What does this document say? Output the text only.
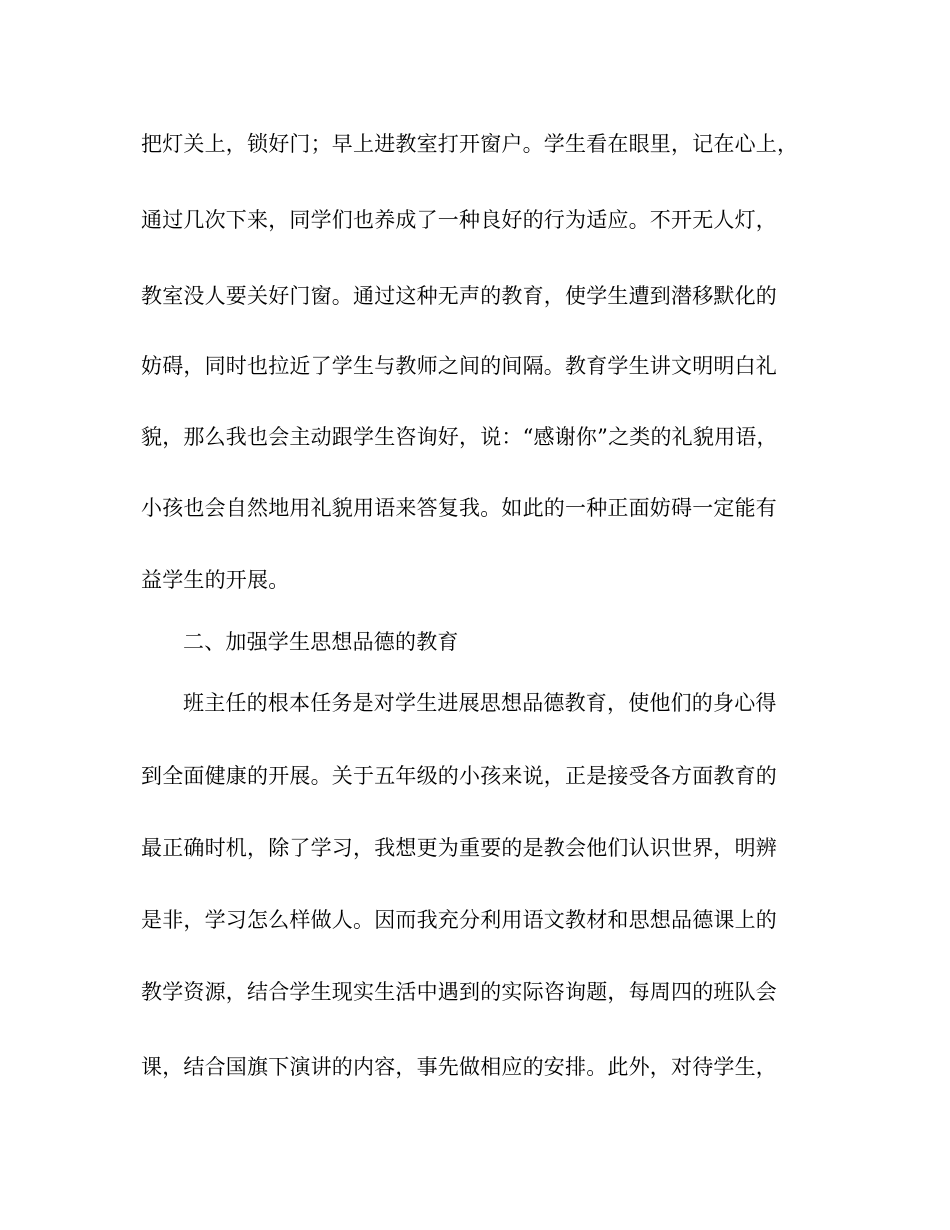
把灯关上，锁好门；早上进教室打开窗户。学生看在眼里，记在心上，
通过几次下来，同学们也养成了一种良好的行为适应。不开无人灯，
教室没人要关好门窗。通过这种无声的教育，使学生遭到潜移默化的
妨碍，同时也拉近了学生与教师之间的间隔。教育学生讲文明明白礼
貌，那么我也会主动跟学生咨询好，说：“感谢你”之类的礼貌用语，
小孩也会自然地用礼貌用语来答复我。如此的一种正面妨碍一定能有
益学生的开展。
二、加强学生思想品德的教育
班主任的根本任务是对学生进展思想品德教育，使他们的身心得
到全面健康的开展。关于五年级的小孩来说，正是接受各方面教育的
最正确时机，除了学习，我想更为重要的是教会他们认识世界，明辨
是非，学习怎么样做人。因而我充分利用语文教材和思想品德课上的
教学资源，结合学生现实生活中遇到的实际咨询题，每周四的班队会
课，结合国旗下演讲的内容，事先做相应的安排。此外，对待学生，
